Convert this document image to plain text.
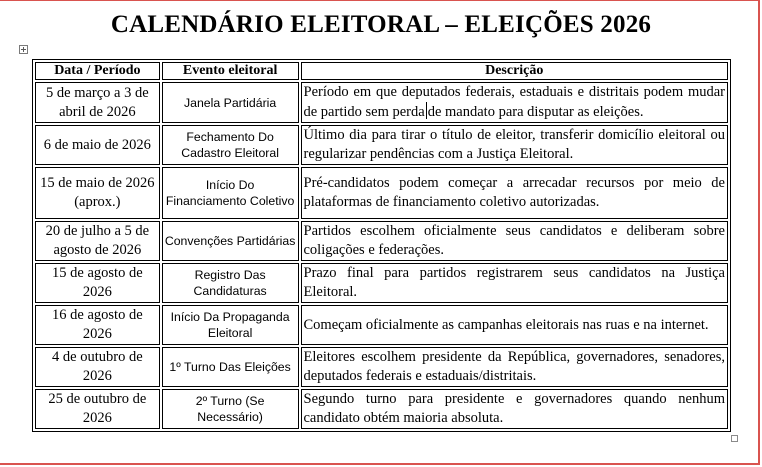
CALENDÁRIO ELEITORAL – ELEIÇÕES 2026
Data / Período	Evento eleitoral	Descrição
5 de março a 3 de abril de 2026	Janela Partidária	Período em que deputados federais, estaduais e distritais podem mudar de partido sem perda de mandato para disputar as eleições.
6 de maio de 2026	Fechamento Do Cadastro Eleitoral	Último dia para tirar o título de eleitor, transferir domicílio eleitoral ou regularizar pendências com a Justiça Eleitoral.
15 de maio de 2026 (aprox.)	Início Do Financiamento Coletivo	Pré-candidatos podem começar a arrecadar recursos por meio de plataformas de financiamento coletivo autorizadas.
20 de julho a 5 de agosto de 2026	Convenções Partidárias	Partidos escolhem oficialmente seus candidatos e deliberam sobre coligações e federações.
15 de agosto de 2026	Registro Das Candidaturas	Prazo final para partidos registrarem seus candidatos na Justiça Eleitoral.
16 de agosto de 2026	Início Da Propaganda Eleitoral	Começam oficialmente as campanhas eleitorais nas ruas e na internet.
4 de outubro de 2026	1º Turno Das Eleições	Eleitores escolhem presidente da República, governadores, senadores, deputados federais e estaduais/distritais.
25 de outubro de 2026	2º Turno (Se Necessário)	Segundo turno para presidente e governadores quando nenhum candidato obtém maioria absoluta.
